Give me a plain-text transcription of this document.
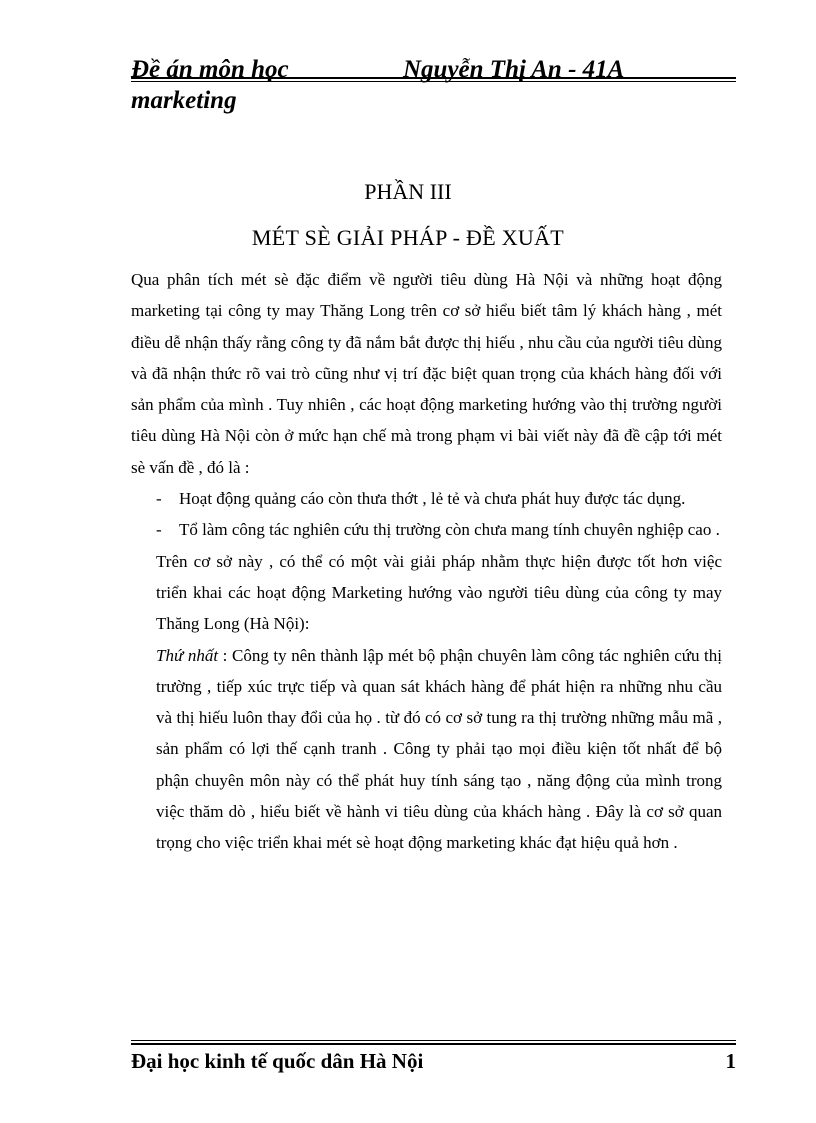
Đề án môn học marketing
Nguyễn Thị An - 41A
PHẦN III
MÉT SÈ GIẢI PHÁP - ĐỀ XUẤT

Qua phân tích mét sè đặc điểm về người tiêu dùng Hà Nội và những hoạt động marketing tại công ty may Thăng Long trên cơ sở hiểu biết tâm lý khách hàng , mét điều dễ nhận thấy rằng công ty đã nắm bắt được thị hiếu , nhu cầu của người tiêu dùng và đã nhận thức rõ vai trò cũng như vị trí đặc biệt quan trọng của khách hàng đối với sản phẩm của mình . Tuy nhiên , các hoạt động marketing hướng vào thị trường người tiêu dùng Hà Nội còn ở mức hạn chế mà trong phạm vi bài viết này đã đề cập tới mét sè vấn đề , đó là :

- Hoạt động quảng cáo còn thưa thớt , lẻ tẻ và chưa phát huy được tác dụng.
- Tổ làm công tác nghiên cứu thị trường còn chưa mang tính chuyên nghiệp cao .

Trên cơ sở này , có thể có một vài giải pháp nhằm thực hiện được tốt hơn việc triển khai các hoạt động Marketing hướng vào người tiêu dùng của công ty may Thăng Long (Hà Nội):

Thứ nhất : Công ty nên thành lập mét bộ phận chuyên làm công tác nghiên cứu thị trường , tiếp xúc trực tiếp và quan sát khách hàng để phát hiện ra những nhu cầu và thị hiếu luôn thay đổi của họ . từ đó có cơ sở tung ra thị trường những mẫu mã , sản phẩm có lợi thế cạnh tranh . Công ty phải tạo mọi điều kiện tốt nhất để bộ phận chuyên môn này có thể phát huy tính sáng tạo , năng động của mình trong việc thăm dò , hiểu biết về hành vi tiêu dùng của khách hàng . Đây là cơ sở quan trọng cho việc triển khai mét sè hoạt động marketing khác đạt hiệu quả hơn .

Đại học kinh tế quốc dân Hà Nội	1
